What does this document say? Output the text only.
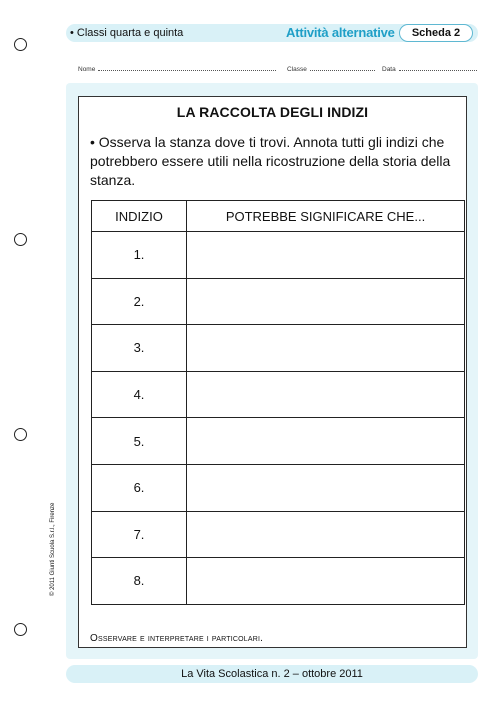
• Classi quarta e quinta	Attività alternative	Scheda 2
Nome	Classe	Data
LA RACCOLTA DEGLI INDIZI
• Osserva la stanza dove ti trovi. Annota tutti gli indizi che potrebbero essere utili nella ricostruzione della storia della stanza.
INDIZIO	POTREBBE SIGNIFICARE CHE...
1.	
2.	
3.	
4.	
5.	
6.	
7.	
8.	
Osservare e interpretare i particolari.
© 2011 Giunti Scuola S.r.l., Firenze
La Vita Scolastica n. 2 – ottobre 2011
